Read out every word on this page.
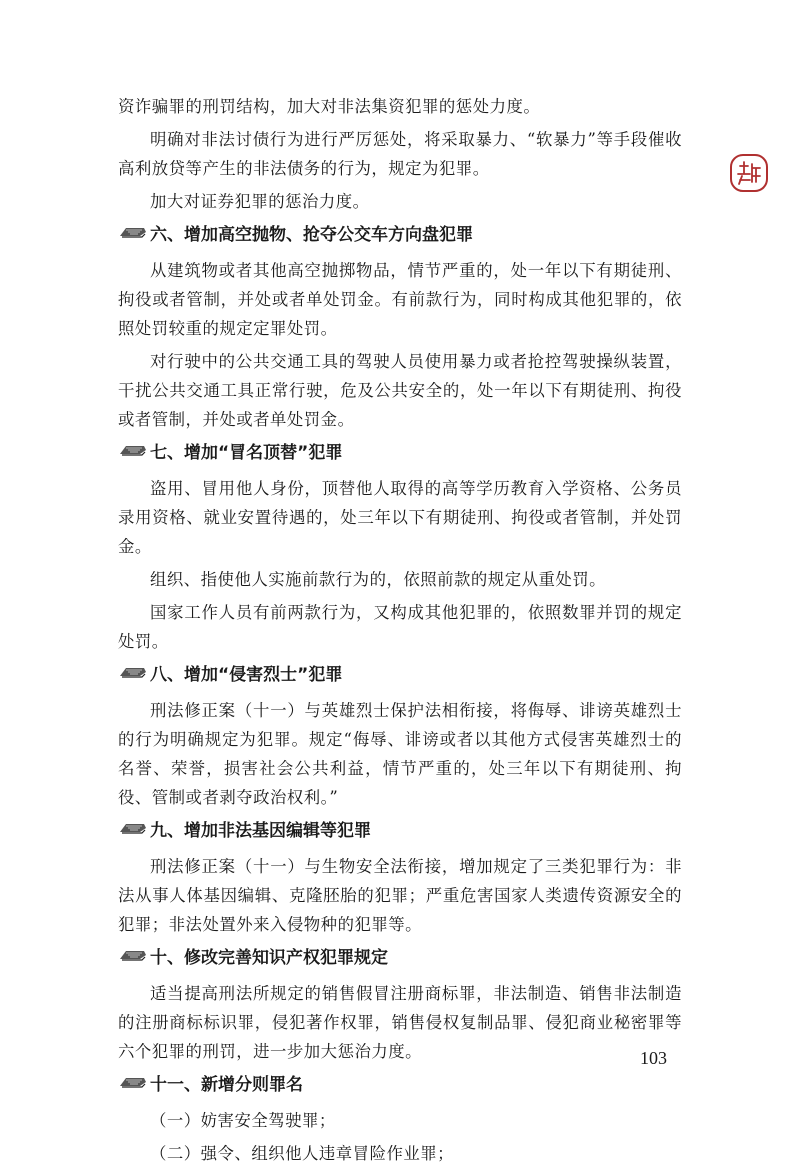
资诈骗罪的刑罚结构，加大对非法集资犯罪的惩处力度。
明确对非法讨债行为进行严厉惩处，将采取暴力、“软暴力”等手段催收高利放贷等产生的非法债务的行为，规定为犯罪。
加大对证券犯罪的惩治力度。
六、增加高空抛物、抢夺公交车方向盘犯罪
从建筑物或者其他高空抛掷物品，情节严重的，处一年以下有期徒刑、拘役或者管制，并处或者单处罚金。有前款行为，同时构成其他犯罪的，依照处罚较重的规定定罪处罚。
对行驶中的公共交通工具的驾驶人员使用暴力或者抢控驾驶操纵装置，干扰公共交通工具正常行驶，危及公共安全的，处一年以下有期徒刑、拘役或者管制，并处或者单处罚金。
七、增加“冒名顶替”犯罪
盗用、冒用他人身份，顶替他人取得的高等学历教育入学资格、公务员录用资格、就业安置待遇的，处三年以下有期徒刑、拘役或者管制，并处罚金。
组织、指使他人实施前款行为的，依照前款的规定从重处罚。
国家工作人员有前两款行为，又构成其他犯罪的，依照数罪并罚的规定处罚。
八、增加“侵害烈士”犯罪
刑法修正案（十一）与英雄烈士保护法相衔接，将侮辱、诽谤英雄烈士的行为明确规定为犯罪。规定“侮辱、诽谤或者以其他方式侵害英雄烈士的名誉、荣誉，损害社会公共利益，情节严重的，处三年以下有期徒刑、拘役、管制或者剥夺政治权利。”
九、增加非法基因编辑等犯罪
刑法修正案（十一）与生物安全法衔接，增加规定了三类犯罪行为：非法从事人体基因编辑、克隆胚胎的犯罪；严重危害国家人类遗传资源安全的犯罪；非法处置外来入侵物种的犯罪等。
十、修改完善知识产权犯罪规定
适当提高刑法所规定的销售假冒注册商标罪，非法制造、销售非法制造的注册商标标识罪，侵犯著作权罪，销售侵权复制品罪、侵犯商业秘密罪等六个犯罪的刑罚，进一步加大惩治力度。
十一、新增分则罪名
（一）妨害安全驾驶罪；
（二）强令、组织他人违章冒险作业罪；
103
